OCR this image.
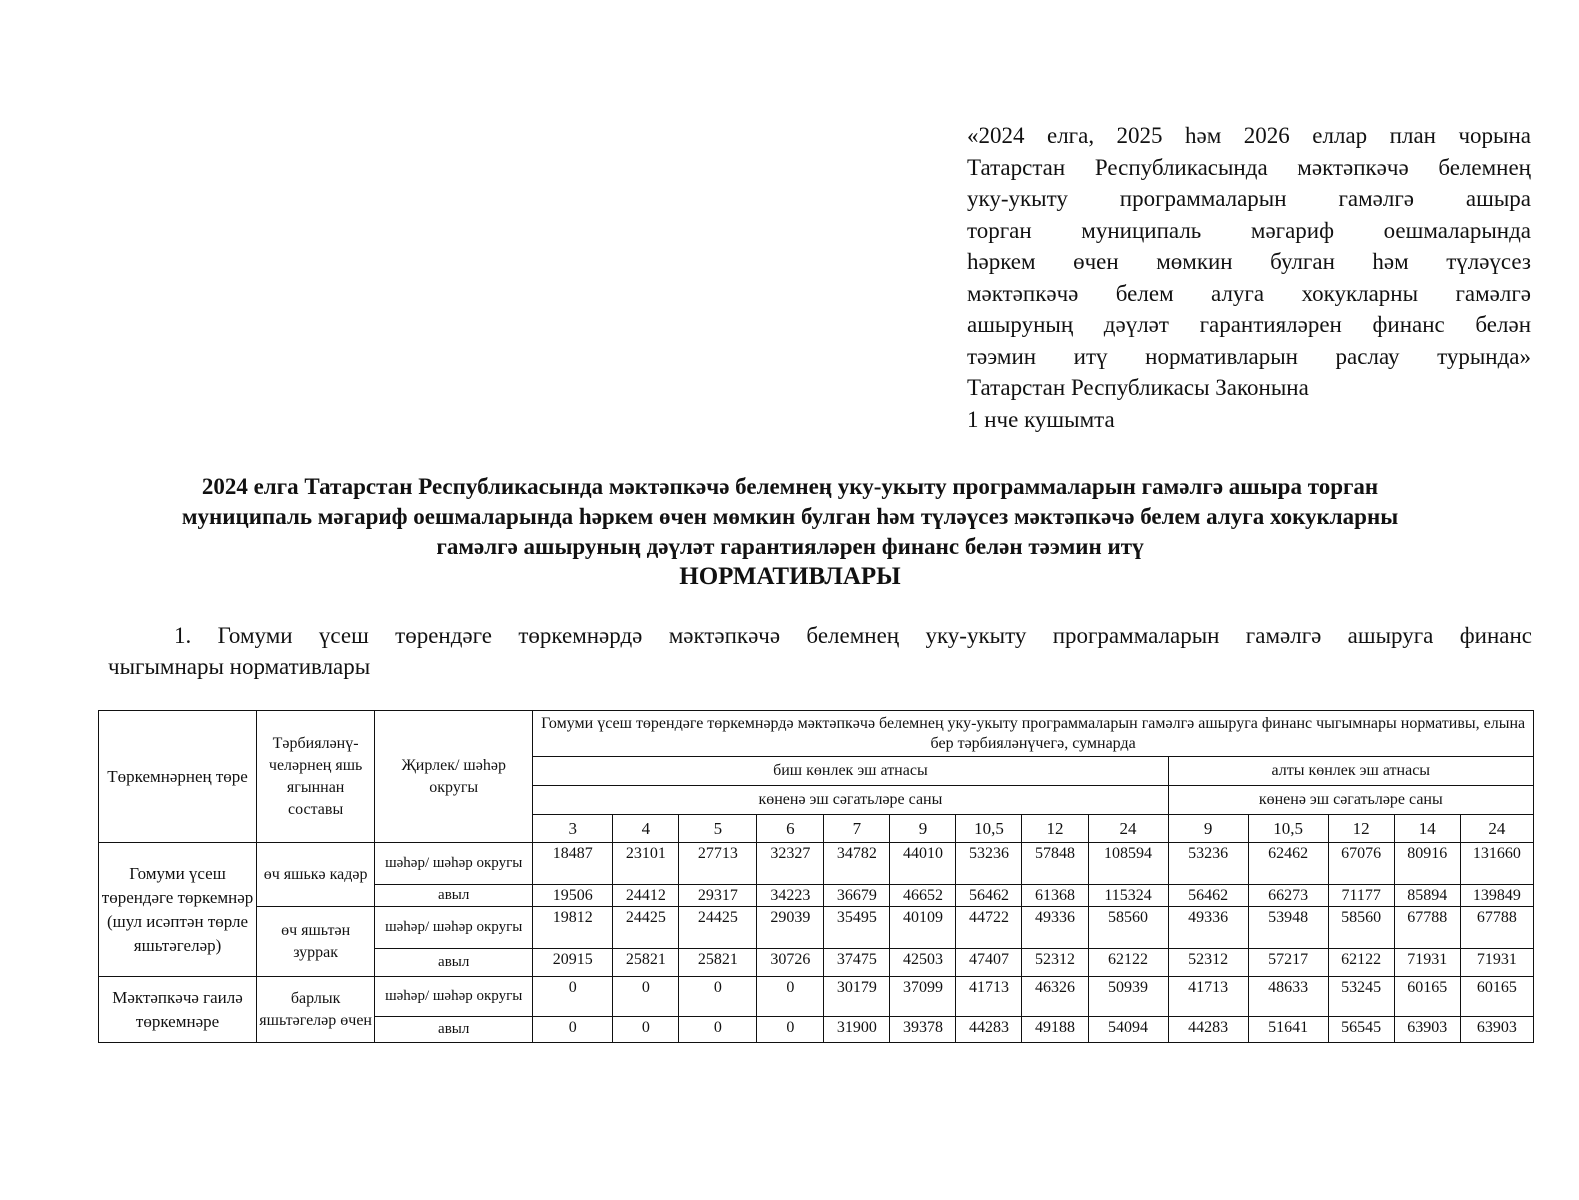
«2024 елга, 2025 һәм 2026 еллар план чорына
Татарстан Республикасында мәктәпкәчә белемнең
уку-укыту программаларын гамәлгә ашыра
торган муниципаль мәгариф оешмаларында
һәркем өчен мөмкин булган һәм түләүсез
мәктәпкәчә белем алуга хокукларны гамәлгә
ашыруның дәүләт гарантияләрен финанс белән
тәэмин итү нормативларын раслау турында»
Татарстан Республикасы Законына
1 нче кушымта
2024 елга Татарстан Республикасында мәктәпкәчә белемнең уку-укыту программаларын гамәлгә ашыра торган
муниципаль мәгариф оешмаларында һәркем өчен мөмкин булган һәм түләүсез мәктәпкәчә белем алуга хокукларны
гамәлгә ашыруның дәүләт гарантияләрен финанс белән тәэмин итү
НОРМАТИВЛАРЫ
1. Гомуми үсеш төрендәге төркемнәрдә мәктәпкәчә белемнең уку-укыту программаларын гамәлгә ашыруга финанс
чыгымнары нормативлары
Төркемнәрнең төре	Тәрбияләнү-челәрнең яшь ягыннан составы	Җирлек/ шәһәр округы	Гомуми үсеш төрендәге төркемнәрдә мәктәпкәчә белемнең уку-укыту программаларын гамәлгә ашыруга финанс чыгымнары нормативы, елына бер тәрбияләнүчегә, сумнарда													
			биш көнлек эш атнасы									алты көнлек эш атнасы				
			көненә эш сәгатьләре саны									көненә эш сәгатьләре саны				
			3	4	5	6	7	9	10,5	12	24	9	10,5	12	14	24
Гомуми үсеш төрендәге төркемнәр (шул исәптән төрле яшьтәгеләр)	өч яшькә кадәр	шәһәр/ шәһәр округы	18487	23101	27713	32327	34782	44010	53236	57848	108594	53236	62462	67076	80916	131660
		авыл	19506	24412	29317	34223	36679	46652	56462	61368	115324	56462	66273	71177	85894	139849
	өч яшьтән зуррак	шәһәр/ шәһәр округы	19812	24425	24425	29039	35495	40109	44722	49336	58560	49336	53948	58560	67788	67788
		авыл	20915	25821	25821	30726	37475	42503	47407	52312	62122	52312	57217	62122	71931	71931
Мәктәпкәчә гаилә төркемнәре	барлык яшьтәгеләр өчен	шәһәр/ шәһәр округы	0	0	0	0	30179	37099	41713	46326	50939	41713	48633	53245	60165	60165
		авыл	0	0	0	0	31900	39378	44283	49188	54094	44283	51641	56545	63903	63903
